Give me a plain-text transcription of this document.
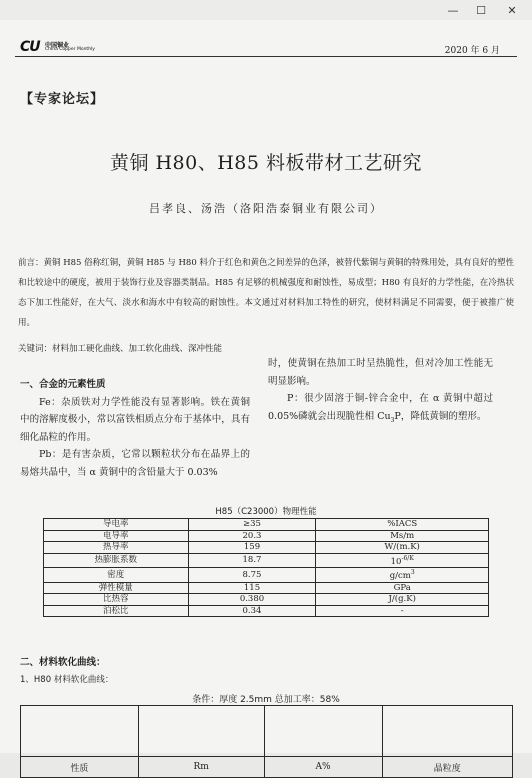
—	☐	✕
CU 中国铜业
China Copper Monthly	2020 年 6 月
【专家论坛】
黄铜 H80、H85 料板带材工艺研究
吕孝良、汤浩（洛阳浩泰铜业有限公司）

前言：黄铜 H85 俗称红铜，黄铜 H85 与 H80 料介于红色和黄色之间差异的色泽，被替代紫铜与黄铜的特殊用处，具有良好的塑性和比较途中的硬度，被用于装饰行业及容器类制品。H85 有足够的机械强度和耐蚀性，易成型；H80 有良好的力学性能，在冷热状态下加工性能好，在大气、淡水和海水中有较高的耐蚀性。本文通过对材料加工特性的研究，使材料满足不同需要，便于被推广使用。

关键词：材料加工硬化曲线、加工软化曲线、深冲性能

一、合金的元素性质

Fe：杂质铁对力学性能没有显著影响。铁在黄铜中的溶解度极小，常以富铁相质点分布于基体中，具有细化晶粒的作用。

Pb：是有害杂质，它常以颗粒状分布在晶界上的易熔共晶中，当 α 黄铜中的含铅量大于 0.03%

时，使黄铜在热加工时呈热脆性，但对冷加工性能无明显影响。

P：很少固溶于铜-锌合金中，在 α 黄铜中超过 0.05%磷就会出现脆性相 $Cu_3P$，降低黄铜的塑形。

H85（C23000）物理性能
导电率	≥35	%IACS
电导率	20.3	Ms/m
热导率	159	W/(m.K)
热膨胀系数	18.7	$10^{-6/K}$
密度	8.75	$g/cm^3$
弹性模量	115	GPa
比热容	0.380	J/(g.K)
泊松比	0.34	-
二、材料软化曲线：
1、H80 材料软化曲线：
条件：厚度 2.5mm 总加工率：58%

性质	Rm	A%	晶粒度
